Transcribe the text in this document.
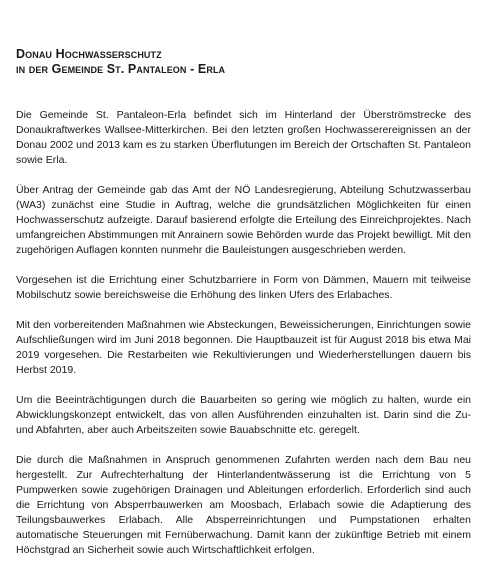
Donau Hochwasserschutz
in der Gemeinde St. Pantaleon - Erla

Die Gemeinde St. Pantaleon-Erla befindet sich im Hinterland der Überströmstrecke des Donaukraftwerkes Wallsee-Mitterkirchen. Bei den letzten großen Hochwasserereignissen an der Donau 2002 und 2013 kam es zu starken Überflutungen im Bereich der Ortschaften St. Pantaleon sowie Erla.

Über Antrag der Gemeinde gab das Amt der NÖ Landesregierung, Abteilung Schutzwasserbau (WA3) zunächst eine Studie in Auftrag, welche die grundsätzlichen Möglichkeiten für einen Hochwasserschutz aufzeigte. Darauf basierend erfolgte die Erteilung des Einreichprojektes. Nach umfangreichen Abstimmungen mit Anrainern sowie Behörden wurde das Projekt bewilligt. Mit den zugehörigen Auflagen konnten nunmehr die Bauleistungen ausgeschrieben werden.

Vorgesehen ist die Errichtung einer Schutzbarriere in Form von Dämmen, Mauern mit teilweise Mobilschutz sowie bereichsweise die Erhöhung des linken Ufers des Erlabaches.

Mit den vorbereitenden Maßnahmen wie Absteckungen, Beweissicherungen, Einrichtungen sowie Aufschließungen wird im Juni 2018 begonnen. Die Hauptbauzeit ist für August 2018 bis etwa Mai 2019 vorgesehen. Die Restarbeiten wie Rekultivierungen und Wiederherstellungen dauern bis Herbst 2019.

Um die Beeinträchtigungen durch die Bauarbeiten so gering wie möglich zu halten, wurde ein Abwicklungskonzept entwickelt, das von allen Ausführenden einzuhalten ist. Darin sind die Zu- und Abfahrten, aber auch Arbeitszeiten sowie Bauabschnitte etc. geregelt.

Die durch die Maßnahmen in Anspruch genommenen Zufahrten werden nach dem Bau neu hergestellt. Zur Aufrechterhaltung der Hinterlandentwässerung ist die Errichtung von 5 Pumpwerken sowie zugehörigen Drainagen und Ableitungen erforderlich. Erforderlich sind auch die Errichtung von Absperrbauwerken am Moosbach, Erlabach sowie die Adaptierung des Teilungsbauwerkes Erlabach. Alle Absperreinrichtungen und Pumpstationen erhalten automatische Steuerungen mit Fernüberwachung. Damit kann der zukünftige Betrieb mit einem Höchstgrad an Sicherheit sowie auch Wirtschaftlichkeit erfolgen.
